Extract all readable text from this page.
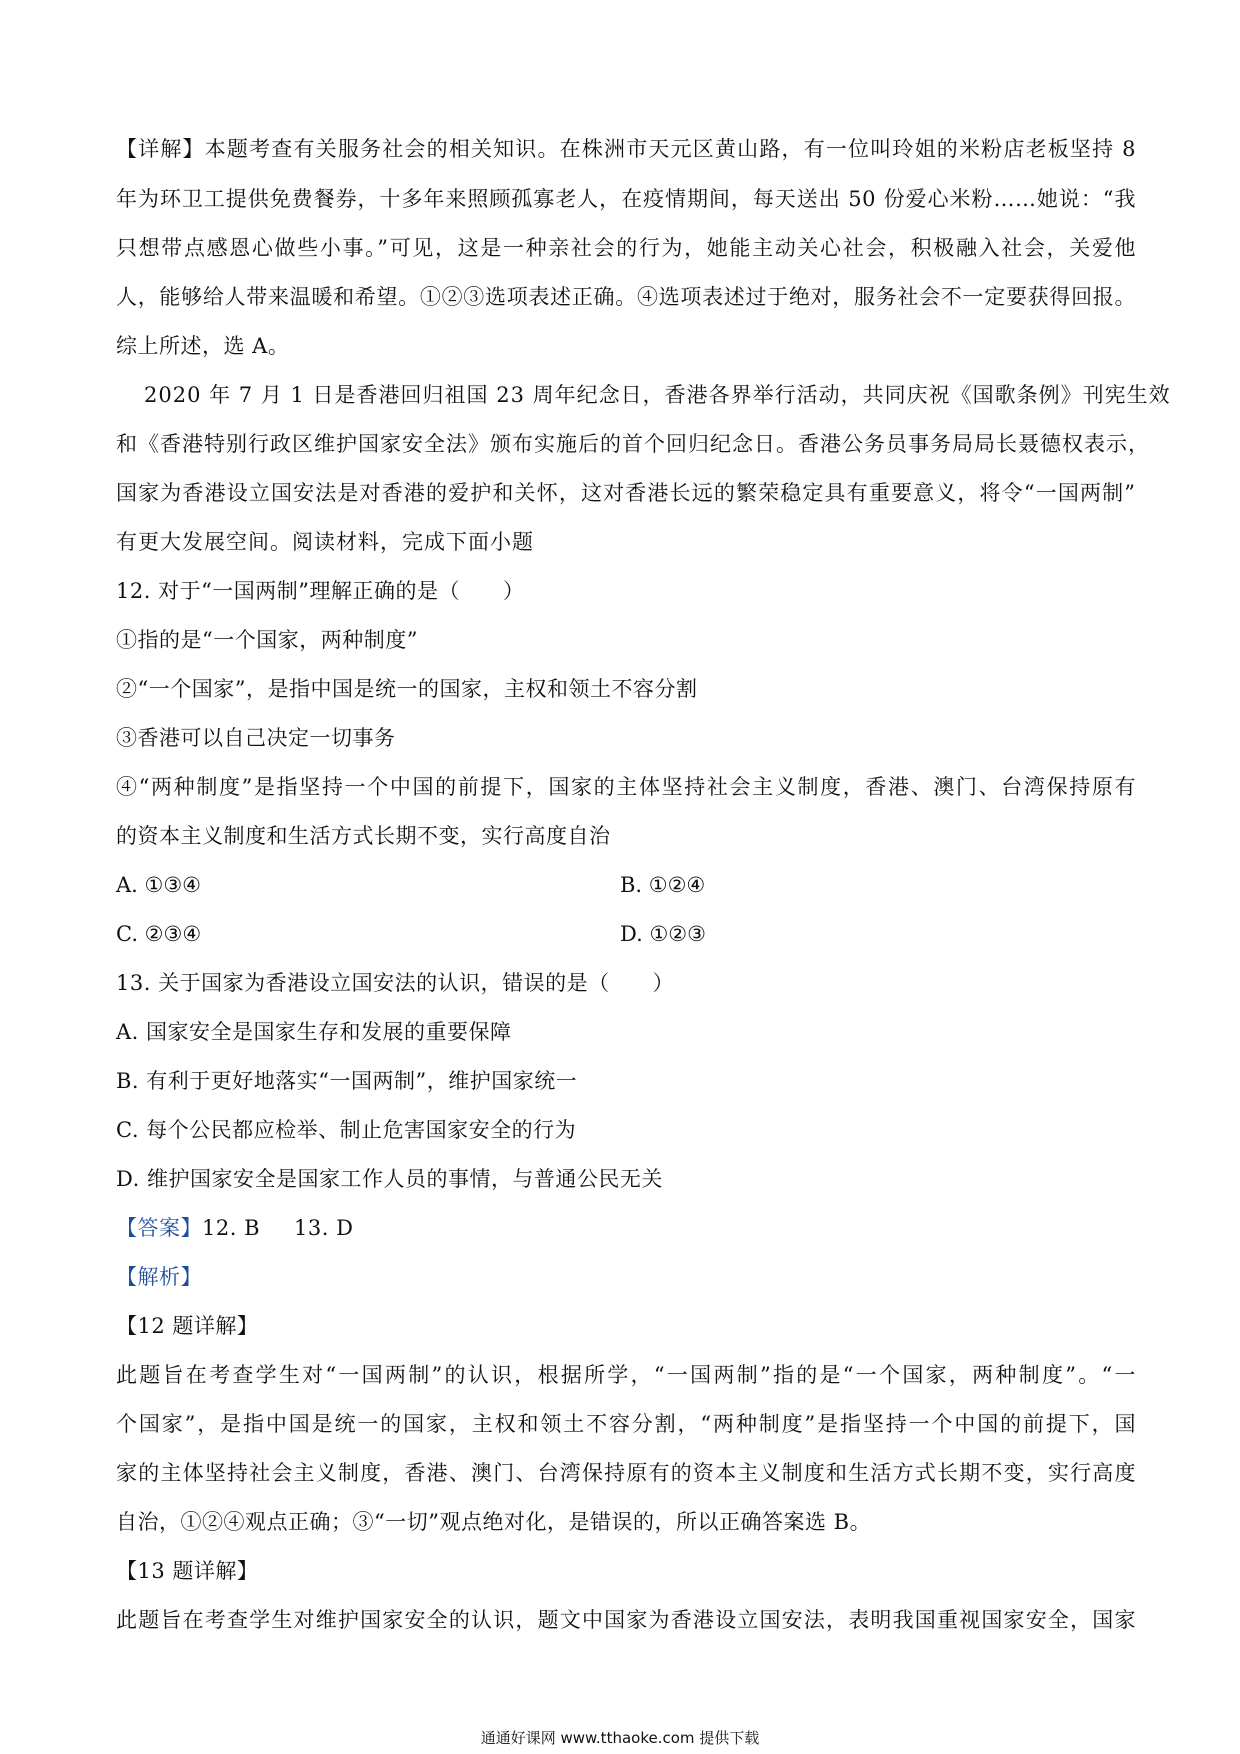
【详解】本题考查有关服务社会的相关知识。在株洲市天元区黄山路，有一位叫玲姐的米粉店老板坚持 8
年为环卫工提供免费餐券，十多年来照顾孤寡老人，在疫情期间，每天送出 50 份爱心米粉……她说：“我
只想带点感恩心做些小事。”可见，这是一种亲社会的行为，她能主动关心社会，积极融入社会，关爱他
人，能够给人带来温暖和希望。①②③选项表述正确。④选项表述过于绝对，服务社会不一定要获得回报。
综上所述，选 A。
2020 年 7 月 1 日是香港回归祖国 23 周年纪念日，香港各界举行活动，共同庆祝《国歌条例》刊宪生效
和《香港特别行政区维护国家安全法》颁布实施后的首个回归纪念日。香港公务员事务局局长聂德权表示，
国家为香港设立国安法是对香港的爱护和关怀，这对香港长远的繁荣稳定具有重要意义，将令“一国两制”
有更大发展空间。阅读材料，完成下面小题
12. 对于“一国两制”理解正确的是（　　）
①指的是“一个国家，两种制度”
②“一个国家”，是指中国是统一的国家，主权和领土不容分割
③香港可以自己决定一切事务
④“两种制度”是指坚持一个中国的前提下，国家的主体坚持社会主义制度，香港、澳门、台湾保持原有
的资本主义制度和生活方式长期不变，实行高度自治
A. ①③④	B. ①②④
C. ②③④	D. ①②③
13. 关于国家为香港设立国安法的认识，错误的是（　　）
A. 国家安全是国家生存和发展的重要保障
B. 有利于更好地落实“一国两制”，维护国家统一
C. 每个公民都应检举、制止危害国家安全的行为
D. 维护国家安全是国家工作人员的事情，与普通公民无关
【答案】12. B 13. D
【解析】
【12 题详解】
此题旨在考查学生对“一国两制”的认识，根据所学，“一国两制”指的是“一个国家，两种制度”。“一
个国家”，是指中国是统一的国家，主权和领土不容分割，“两种制度”是指坚持一个中国的前提下，国
家的主体坚持社会主义制度，香港、澳门、台湾保持原有的资本主义制度和生活方式长期不变，实行高度
自治，①②④观点正确；③“一切”观点绝对化，是错误的，所以正确答案选 B。
【13 题详解】
此题旨在考查学生对维护国家安全的认识，题文中国家为香港设立国安法，表明我国重视国家安全，国家
通通好课网 www.tthaoke.com 提供下载
